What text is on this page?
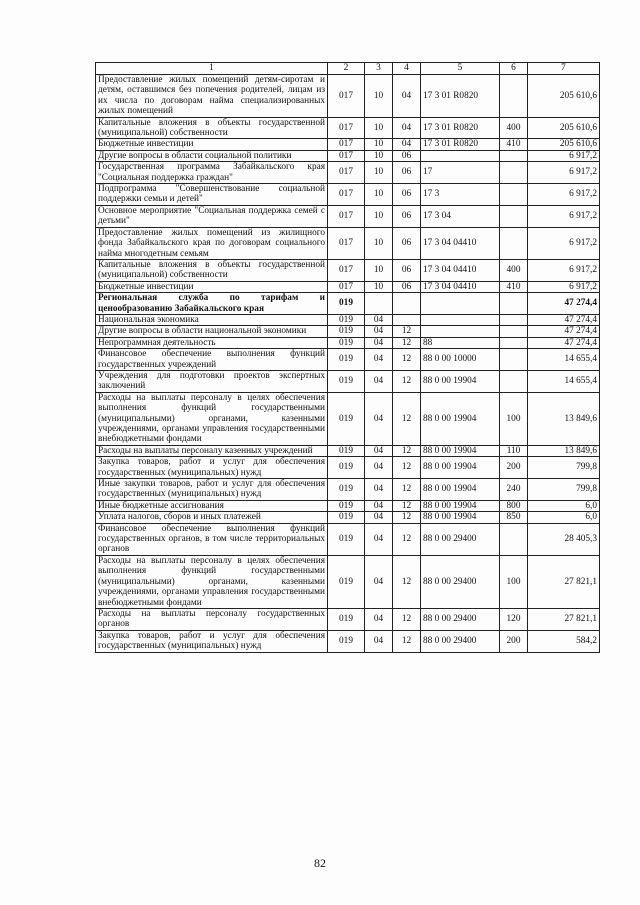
1	2	3	4	5	6	7
Предоставление жилых помещений детям-сиротам и детям, оставшимся без попечения родителей, лицам из их числа по договорам найма специализированных жилых помещений	017	10	04	17 3 01 R0820		205 610,6
Капитальные вложения в объекты государственной (муниципальной) собственности	017	10	04	17 3 01 R0820	400	205 610,6
Бюджетные инвестиции	017	10	04	17 3 01 R0820	410	205 610,6
Другие вопросы в области социальной политики	017	10	06			6 917,2
Государственная программа Забайкальского края "Социальная поддержка граждан"	017	10	06	17		6 917,2
Подпрограмма "Совершенствование социальной поддержки семьи и детей"	017	10	06	17 3		6 917,2
Основное мероприятие "Социальная поддержка семей с детьми"	017	10	06	17 3 04		6 917,2
Предоставление жилых помещений из жилищного фонда Забайкальского края по договорам социального найма многодетным семьям	017	10	06	17 3 04 04410		6 917,2
Капитальные вложения в объекты государственной (муниципальной) собственности	017	10	06	17 3 04 04410	400	6 917,2
Бюджетные инвестиции	017	10	06	17 3 04 04410	410	6 917,2
Региональная служба по тарифам и ценообразованию Забайкальского края	019					47 274,4
Национальная экономика	019	04				47 274,4
Другие вопросы в области национальной экономики	019	04	12			47 274,4
Непрограммная деятельность	019	04	12	88		47 274,4
Финансовое обеспечение выполнения функций государственных учреждений	019	04	12	88 0 00 10000		14 655,4
Учреждения для подготовки проектов экспертных заключений	019	04	12	88 0 00 19904		14 655,4
Расходы на выплаты персоналу в целях обеспечения выполнения функций государственными (муниципальными) органами, казенными учреждениями, органами управления государственными внебюджетными фондами	019	04	12	88 0 00 19904	100	13 849,6
Расходы на выплаты персоналу казенных учреждений	019	04	12	88 0 00 19904	110	13 849,6
Закупка товаров, работ и услуг для обеспечения государственных (муниципальных) нужд	019	04	12	88 0 00 19904	200	799,8
Иные закупки товаров, работ и услуг для обеспечения государственных (муниципальных) нужд	019	04	12	88 0 00 19904	240	799,8
Иные бюджетные ассигнования	019	04	12	88 0 00 19904	800	6,0
Уплата налогов, сборов и иных платежей	019	04	12	88 0 00 19904	850	6,0
Финансовое обеспечение выполнения функций государственных органов, в том числе территориальных органов	019	04	12	88 0 00 29400		28 405,3
Расходы на выплаты персоналу в целях обеспечения выполнения функций государственными (муниципальными) органами, казенными учреждениями, органами управления государственными внебюджетными фондами	019	04	12	88 0 00 29400	100	27 821,1
Расходы на выплаты персоналу государственных органов	019	04	12	88 0 00 29400	120	27 821,1
Закупка товаров, работ и услуг для обеспечения государственных (муниципальных) нужд	019	04	12	88 0 00 29400	200	584,2
82
